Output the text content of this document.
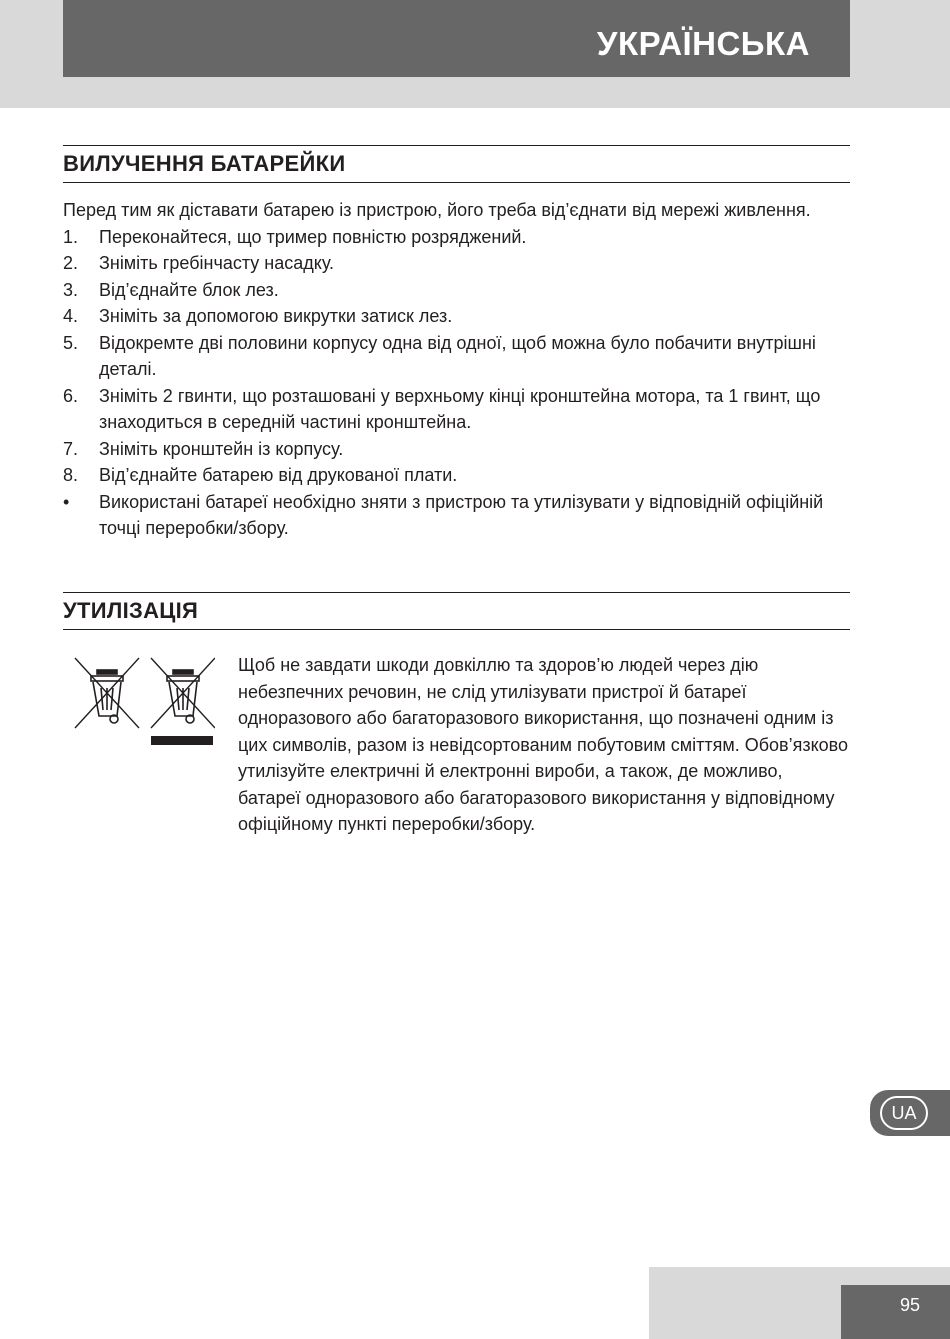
УКРАЇНСЬКА
ВИЛУЧЕННЯ БАТАРЕЙКИ

Перед тим як діставати батарею із пристрою, його треба від’єднати від мережі живлення.

1. Переконайтеся, що тример повністю розряджений.
2. Зніміть гребінчасту насадку.
3. Від’єднайте блок лез.
4. Зніміть за допомогою викрутки затиск лез.
5. Відокремте дві половини корпусу одна від одної, щоб можна було побачити внутрішні деталі.
6. Зніміть 2 гвинти, що розташовані у верхньому кінці кронштейна мотора, та 1 гвинт, що знаходиться в середній частині кронштейна.
7. Зніміть кронштейн із корпусу.
8. Від’єднайте батарею від друкованої плати.
• Використані батареї необхідно зняти з пристрою та утилізувати у відповідній офіційній точці переробки/збору.
УТИЛІЗАЦІЯ

Щоб не завдати шкоди довкіллю та здоров’ю людей через дію небезпечних речовин, не слід утилізувати пристрої й батареї одноразового або багаторазового використання, що позначені одним із цих символів, разом із невідсортованим побутовим сміттям. Обов’язково утилізуйте електричні й електронні вироби, а також, де можливо, батареї одноразового або багаторазового використання у відповідному офіційному пункті переробки/збору.

UA
95
